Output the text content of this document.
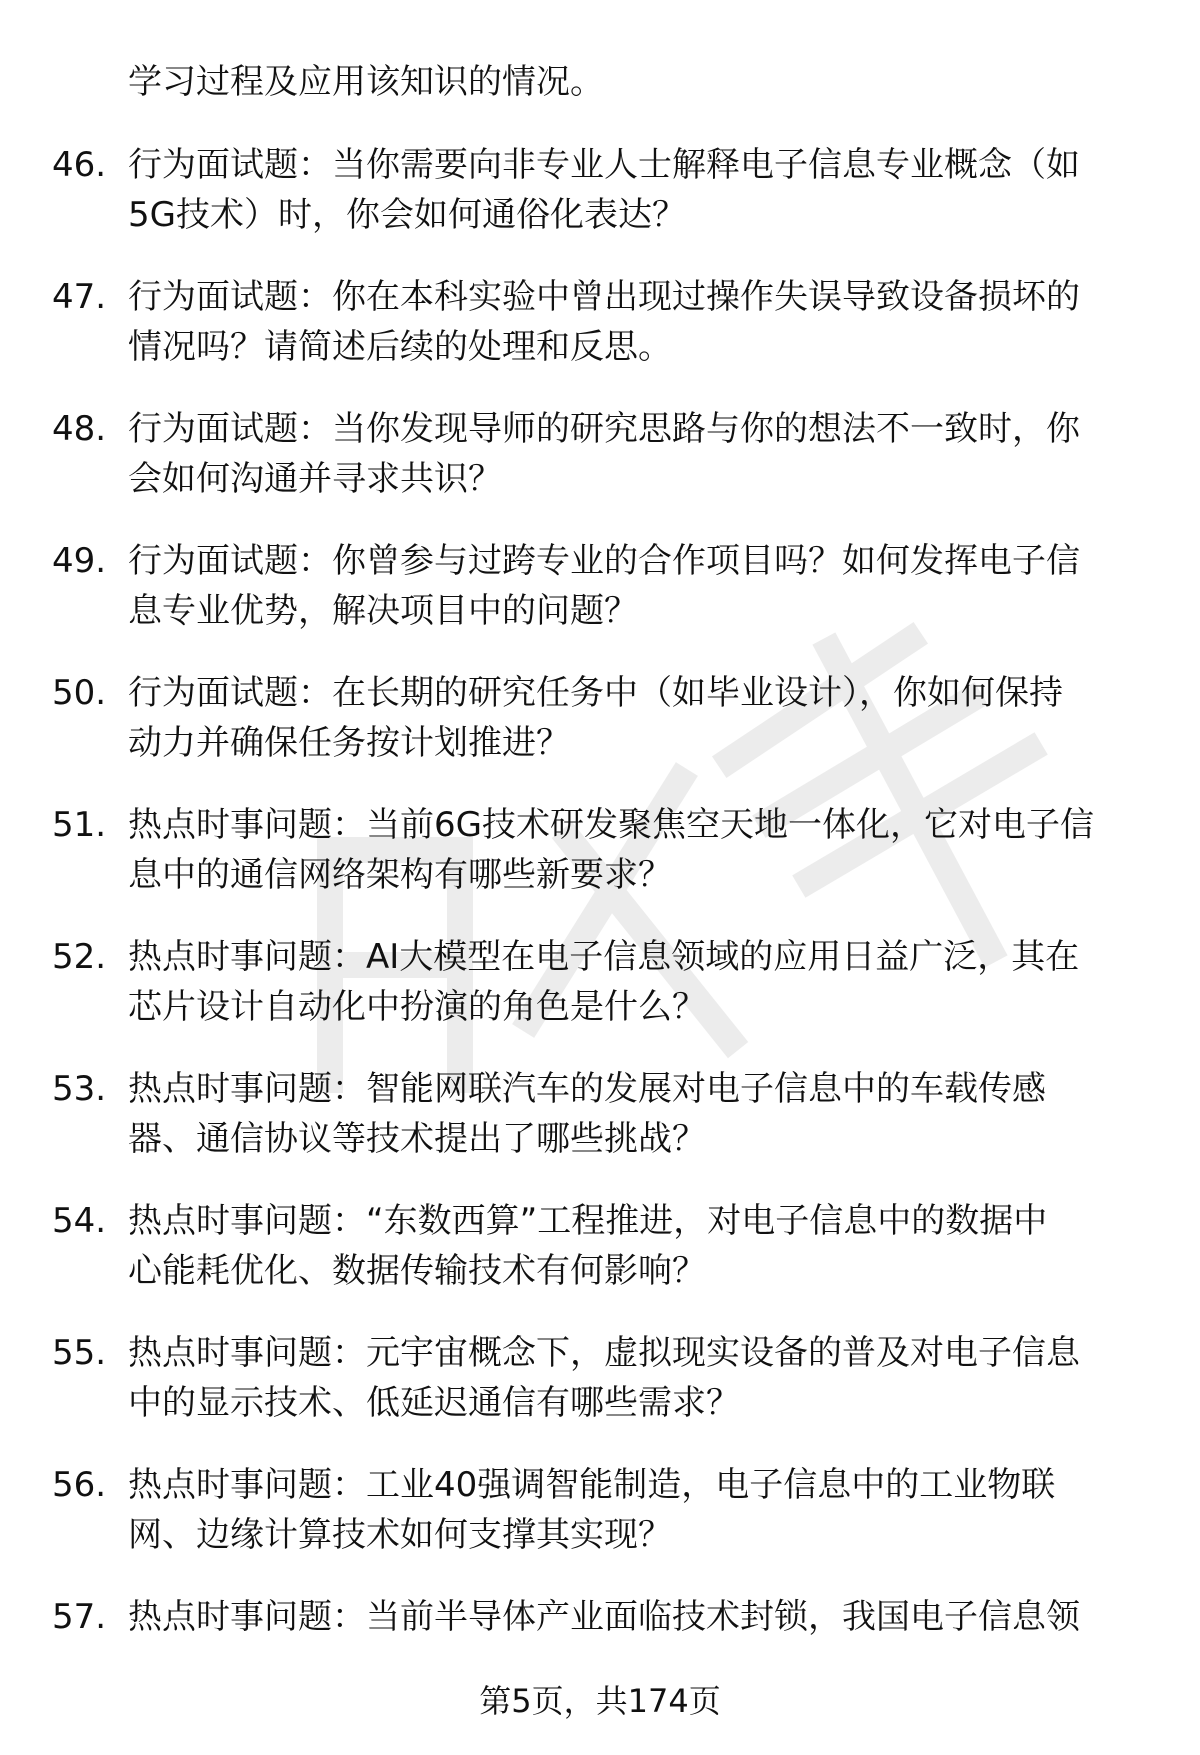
学习过程及应用该知识的情况。
46. 行为面试题：当你需要向非专业人士解释电子信息专业概念（如
5G技术）时，你会如何通俗化表达？
47. 行为面试题：你在本科实验中曾出现过操作失误导致设备损坏的
情况吗？请简述后续的处理和反思。
48. 行为面试题：当你发现导师的研究思路与你的想法不一致时，你
会如何沟通并寻求共识？
49. 行为面试题：你曾参与过跨专业的合作项目吗？如何发挥电子信
息专业优势，解决项目中的问题？
50. 行为面试题：在长期的研究任务中（如毕业设计），你如何保持
动力并确保任务按计划推进？
51. 热点时事问题：当前6G技术研发聚焦空天地一体化，它对电子信
息中的通信网络架构有哪些新要求？
52. 热点时事问题：AI大模型在电子信息领域的应用日益广泛，其在
芯片设计自动化中扮演的角色是什么？
53. 热点时事问题：智能网联汽车的发展对电子信息中的车载传感
器、通信协议等技术提出了哪些挑战？
54. 热点时事问题：“东数西算”工程推进，对电子信息中的数据中
心能耗优化、数据传输技术有何影响？
55. 热点时事问题：元宇宙概念下，虚拟现实设备的普及对电子信息
中的显示技术、低延迟通信有哪些需求？
56. 热点时事问题：工业40强调智能制造，电子信息中的工业物联
网、边缘计算技术如何支撑其实现？
57. 热点时事问题：当前半导体产业面临技术封锁，我国电子信息领
第5页，共174页
